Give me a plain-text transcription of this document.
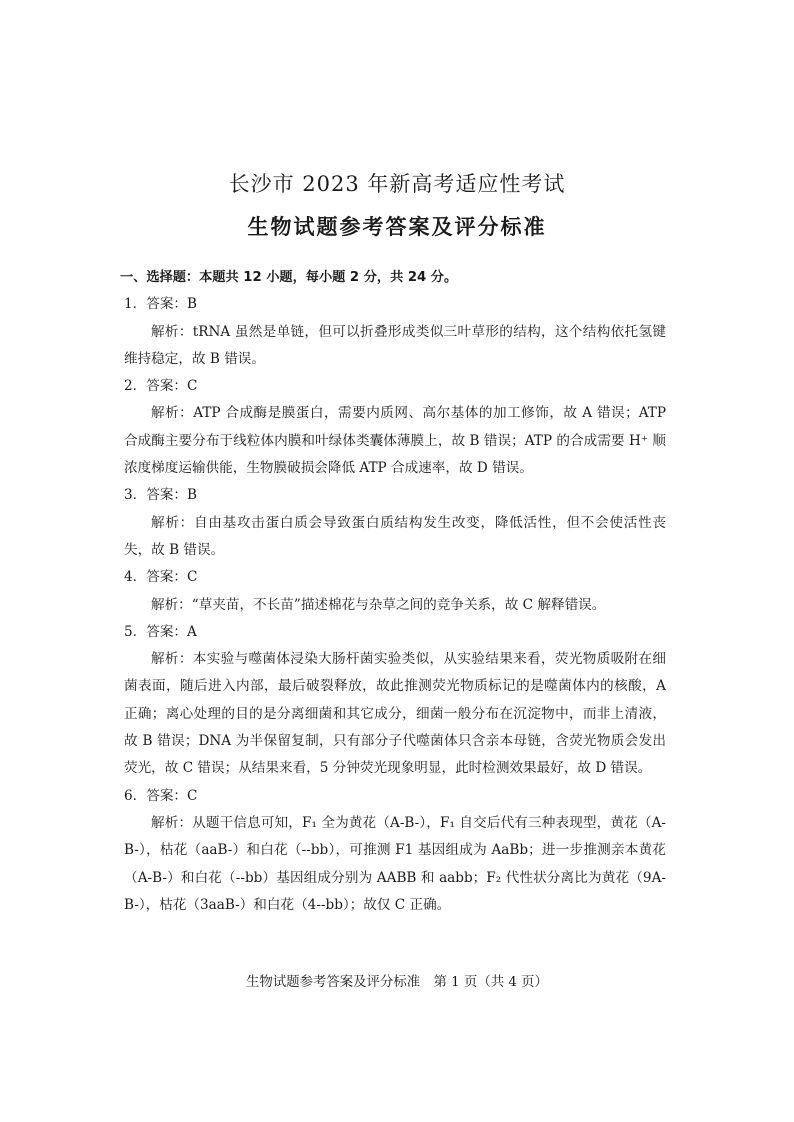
长沙市 2023 年新高考适应性考试
生物试题参考答案及评分标准
一、选择题：本题共 12 小题，每小题 2 分，共 24 分。
1．答案：B
解析：tRNA 虽然是单链，但可以折叠形成类似三叶草形的结构，这个结构依托氢键维持稳定，故 B 错误。
2．答案：C
解析：ATP 合成酶是膜蛋白，需要内质网、高尔基体的加工修饰，故 A 错误；ATP 合成酶主要分布于线粒体内膜和叶绿体类囊体薄膜上，故 B 错误；ATP 的合成需要 H⁺ 顺浓度梯度运输供能，生物膜破损会降低 ATP 合成速率，故 D 错误。
3．答案：B
解析：自由基攻击蛋白质会导致蛋白质结构发生改变，降低活性，但不会使活性丧失，故 B 错误。
4．答案：C
解析：“草夹苗，不长苗”描述棉花与杂草之间的竞争关系，故 C 解释错误。
5．答案：A
解析：本实验与噬菌体浸染大肠杆菌实验类似，从实验结果来看，荧光物质吸附在细菌表面，随后进入内部，最后破裂释放，故此推测荧光物质标记的是噬菌体内的核酸，A 正确；离心处理的目的是分离细菌和其它成分，细菌一般分布在沉淀物中，而非上清液，故 B 错误；DNA 为半保留复制，只有部分子代噬菌体只含亲本母链，含荧光物质会发出荧光，故 C 错误；从结果来看，5 分钟荧光现象明显，此时检测效果最好，故 D 错误。
6．答案：C
解析：从题干信息可知，F₁ 全为黄花（A-B-），F₁ 自交后代有三种表现型，黄花（A-B-），枯花（aaB-）和白花（--bb），可推测 F1 基因组成为 AaBb；进一步推测亲本黄花（A-B-）和白花（--bb）基因组成分别为 AABB 和 aabb；F₂ 代性状分离比为黄花（9A-B-），枯花（3aaB-）和白花（4--bb）；故仅 C 正确。
生物试题参考答案及评分标准　第 1 页（共 4 页）
